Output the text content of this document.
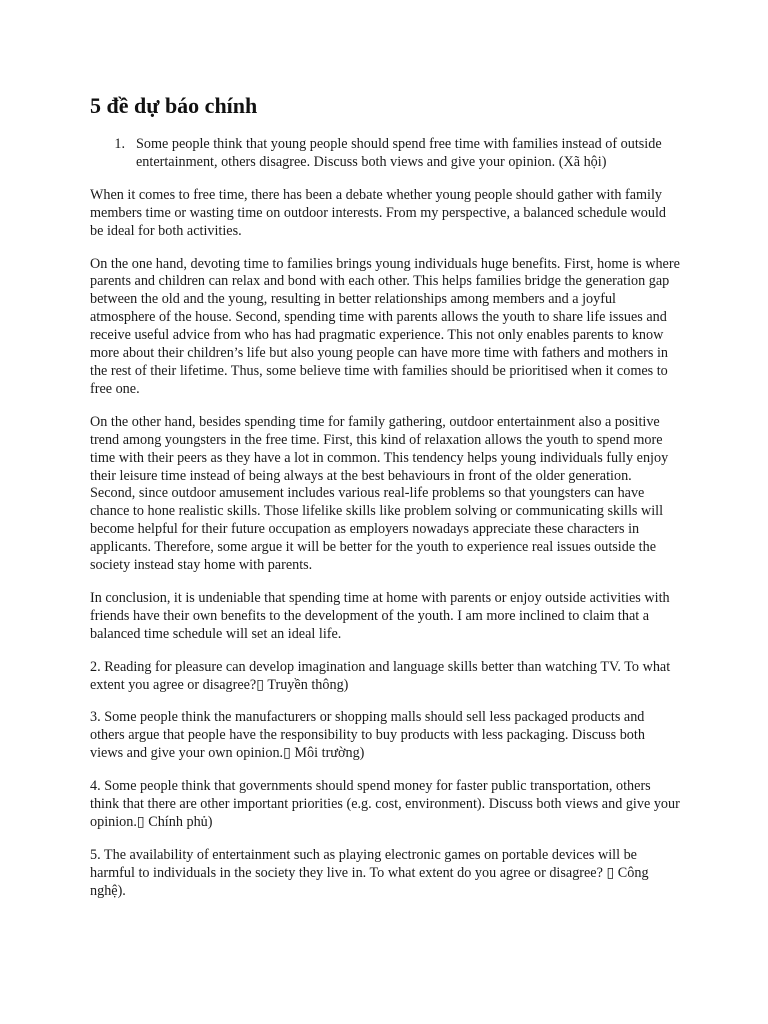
5 đề dự báo chính
1. Some people think that young people should spend free time with families instead of outside entertainment, others disagree. Discuss both views and give your opinion. (Xã hội)

When it comes to free time, there has been a debate whether young people should gather with family members time or wasting time on outdoor interests. From my perspective, a balanced schedule would be ideal for both activities.

On the one hand, devoting time to families brings young individuals huge benefits. First, home is where parents and children can relax and bond with each other. This helps families bridge the generation gap between the old and the young, resulting in better relationships among members and a joyful atmosphere of the house. Second, spending time with parents allows the youth to share life issues and receive useful advice from who has had pragmatic experience. This not only enables parents to know more about their children’s life but also young people can have more time with fathers and mothers in the rest of their lifetime. Thus, some believe time with families should be prioritised when it comes to free one.

On the other hand, besides spending time for family gathering, outdoor entertainment also a positive trend among youngsters in the free time. First, this kind of relaxation allows the youth to spend more time with their peers as they have a lot in common. This tendency helps young individuals fully enjoy their leisure time instead of being always at the best behaviours in front of the older generation. Second, since outdoor amusement includes various real-life problems so that youngsters can have chance to hone realistic skills. Those lifelike skills like problem solving or communicating skills will become helpful for their future occupation as employers nowadays appreciate these characters in applicants. Therefore, some argue it will be better for the youth to experience real issues outside the society instead stay home with parents.

In conclusion, it is undeniable that spending time at home with parents or enjoy outside activities with friends have their own benefits to the development of the youth. I am more inclined to claim that a balanced time schedule will set an ideal life.

2. Reading for pleasure can develop imagination and language skills better than watching TV. To what extent you agree or disagree?▯ Truyền thông)

3. Some people think the manufacturers or shopping malls should sell less packaged products and others argue that people have the responsibility to buy products with less packaging. Discuss both views and give your own opinion.▯ Môi trường)

4. Some people think that governments should spend money for faster public transportation, others think that there are other important priorities (e.g. cost, environment). Discuss both views and give your opinion.▯ Chính phủ)

5. The availability of entertainment such as playing electronic games on portable devices will be harmful to individuals in the society they live in. To what extent do you agree or disagree? ▯ Công nghệ).
